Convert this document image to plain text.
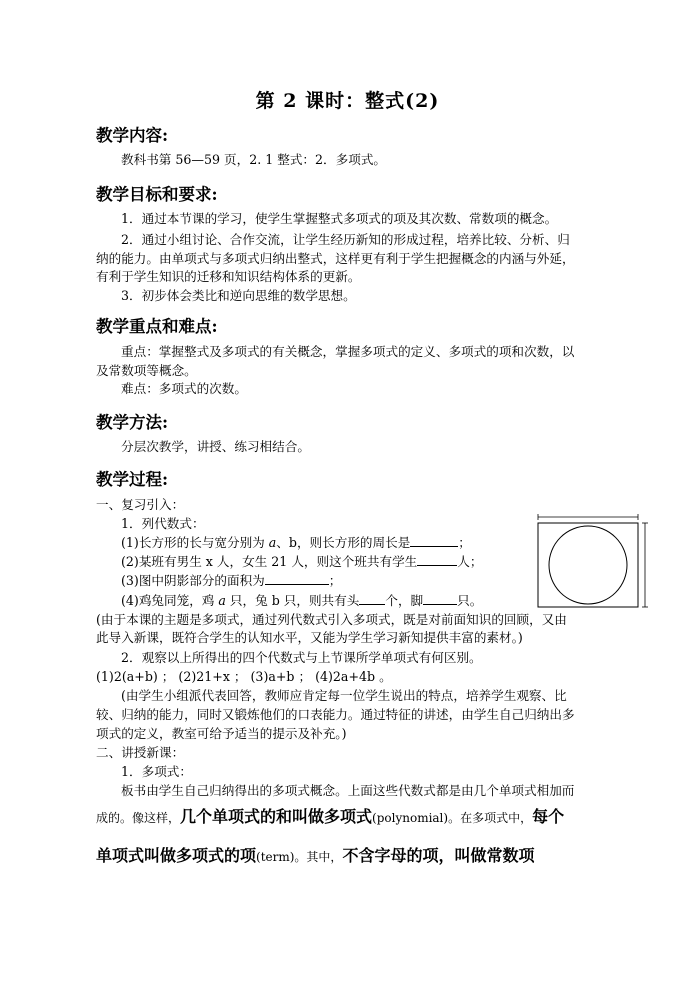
第 2 课时：整式(2)
教学内容:
教科书第 56—59 页，2. 1 整式：2．多项式。
教学目标和要求:
1．通过本节课的学习，使学生掌握整式多项式的项及其次数、常数项的概念。
2．通过小组讨论、合作交流，让学生经历新知的形成过程，培养比较、分析、归
纳的能力。由单项式与多项式归纳出整式，这样更有利于学生把握概念的内涵与外延，
有利于学生知识的迁移和知识结构体系的更新。
3．初步体会类比和逆向思维的数学思想。
教学重点和难点:
重点：掌握整式及多项式的有关概念，掌握多项式的定义、多项式的项和次数，以
及常数项等概念。
难点：多项式的次数。
教学方法:
分层次教学，讲授、练习相结合。
教学过程:
一、复习引入：
1．列代数式：
(1)长方形的长与宽分别为 a、b，则长方形的周长是	；
(2)某班有男生 x 人，女生 21 人，则这个班共有学生	人；
(3)图中阴影部分的面积为	；
(4)鸡兔同笼，鸡 a 只，兔 b 只，则共有头 个，脚	只。
(由于本课的主题是多项式，通过列代数式引入多项式，既是对前面知识的回顾，又由
此导入新课，既符合学生的认知水平，又能为学生学习新知提供丰富的素材。)
2．观察以上所得出的四个代数式与上节课所学单项式有何区别。
(1)2(a+b) ； (2)21+x ； (3)a+b ； (4)2a+4b 。
(由学生小组派代表回答，教师应肯定每一位学生说出的特点，培养学生观察、比
较、归纳的能力，同时又锻炼他们的口表能力。通过特征的讲述，由学生自己归纳出多
项式的定义，教室可给予适当的提示及补充。)
二、讲授新课：
1．多项式：
板书由学生自己归纳得出的多项式概念。上面这些代数式都是由几个单项式相加而
成的。像这样，几个单项式的和叫做多项式(polynomial)。在多项式中，每个
单项式叫做多项式的项(term)。其中，不含字母的项，叫做常数项
